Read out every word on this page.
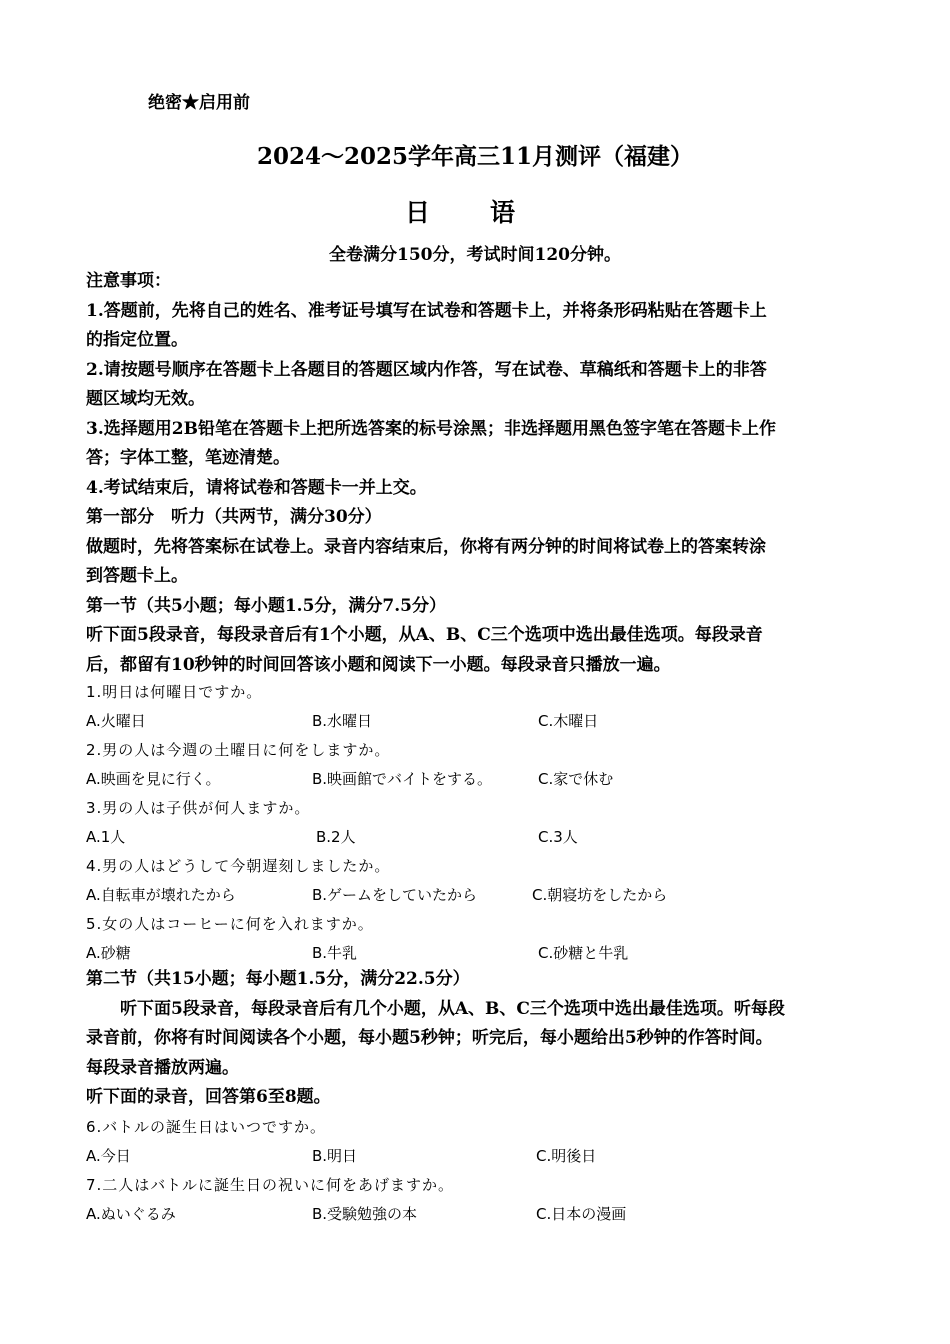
绝密★启用前
2024～2025学年高三11月测评（福建）
日语
全卷满分150分，考试时间120分钟。
注意事项：
1.答题前，先将自己的姓名、准考证号填写在试卷和答题卡上，并将条形码粘贴在答题卡上
的指定位置。
2.请按题号顺序在答题卡上各题目的答题区域内作答，写在试卷、草稿纸和答题卡上的非答
题区域均无效。
3.选择题用2B铅笔在答题卡上把所选答案的标号涂黑；非选择题用黑色签字笔在答题卡上作
答；字体工整，笔迹清楚。
4.考试结束后，请将试卷和答题卡一并上交。
第一部分　听力（共两节，满分30分）
做题时，先将答案标在试卷上。录音内容结束后，你将有两分钟的时间将试卷上的答案转涂
到答题卡上。
第一节（共5小题；每小题1.5分，满分7.5分）
听下面5段录音，每段录音后有1个小题，从A、B、C三个选项中选出最佳选项。每段录音
后，都留有10秒钟的时间回答该小题和阅读下一小题。每段录音只播放一遍。
1.明日は何曜日ですか。
A.火曜日	B.水曜日	C.木曜日
2.男の人は今週の土曜日に何をしますか。
A.映画を見に行く。	B.映画館でバイトをする。	C.家で休む
3.男の人は子供が何人ますか。
A.1人	B.2人	C.3人
4.男の人はどうして今朝遅刻しましたか。
A.自転車が壊れたから	B.ゲームをしていたから	C.朝寝坊をしたから
5.女の人はコーヒーに何を入れますか。
A.砂糖	B.牛乳	C.砂糖と牛乳
第二节（共15小题；每小题1.5分，满分22.5分）
听下面5段录音，每段录音后有几个小题，从A、B、C三个选项中选出最佳选项。听每段
录音前，你将有时间阅读各个小题，每小题5秒钟；听完后，每小题给出5秒钟的作答时间。
每段录音播放两遍。
听下面的录音，回答第6至8题。
6.バトルの誕生日はいつですか。
A.今日	B.明日	C.明後日
7.二人はバトルに誕生日の祝いに何をあげますか。
A.ぬいぐるみ	B.受験勉強の本	C.日本の漫画
